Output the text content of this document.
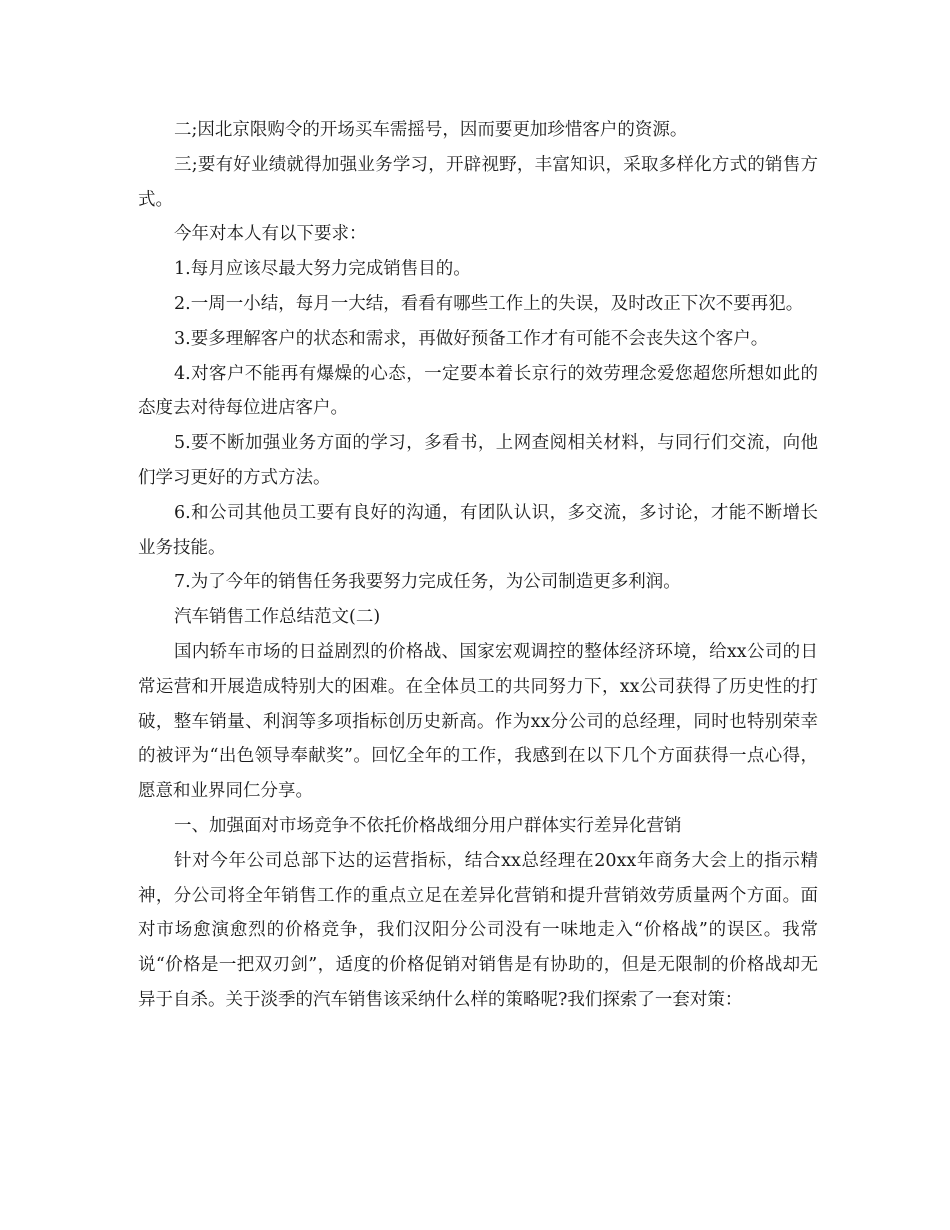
二;因北京限购令的开场买车需摇号，因而要更加珍惜客户的资源。

三;要有好业绩就得加强业务学习，开辟视野，丰富知识，采取多样化方式的销售方式。

今年对本人有以下要求：

1.每月应该尽最大努力完成销售目的。

2.一周一小结，每月一大结，看看有哪些工作上的失误，及时改正下次不要再犯。

3.要多理解客户的状态和需求，再做好预备工作才有可能不会丧失这个客户。

4.对客户不能再有爆燥的心态，一定要本着长京行的效劳理念爱您超您所想如此的态度去对待每位进店客户。

5.要不断加强业务方面的学习，多看书，上网查阅相关材料，与同行们交流，向他们学习更好的方式方法。

6.和公司其他员工要有良好的沟通，有团队认识，多交流，多讨论，才能不断增长业务技能。

7.为了今年的销售任务我要努力完成任务，为公司制造更多利润。

汽车销售工作总结范文(二)

国内轿车市场的日益剧烈的价格战、国家宏观调控的整体经济环境，给xx公司的日常运营和开展造成特别大的困难。在全体员工的共同努力下，xx公司获得了历史性的打破，整车销量、利润等多项指标创历史新高。作为xx分公司的总经理，同时也特别荣幸的被评为“出色领导奉献奖”。回忆全年的工作，我感到在以下几个方面获得一点心得，愿意和业界同仁分享。

一、加强面对市场竞争不依托价格战细分用户群体实行差异化营销

针对今年公司总部下达的运营指标，结合xx总经理在20xx年商务大会上的指示精神，分公司将全年销售工作的重点立足在差异化营销和提升营销效劳质量两个方面。面对市场愈演愈烈的价格竞争，我们汉阳分公司没有一味地走入“价格战”的误区。我常说“价格是一把双刃剑”，适度的价格促销对销售是有协助的，但是无限制的价格战却无异于自杀。关于淡季的汽车销售该采纳什么样的策略呢?我们探索了一套对策：
